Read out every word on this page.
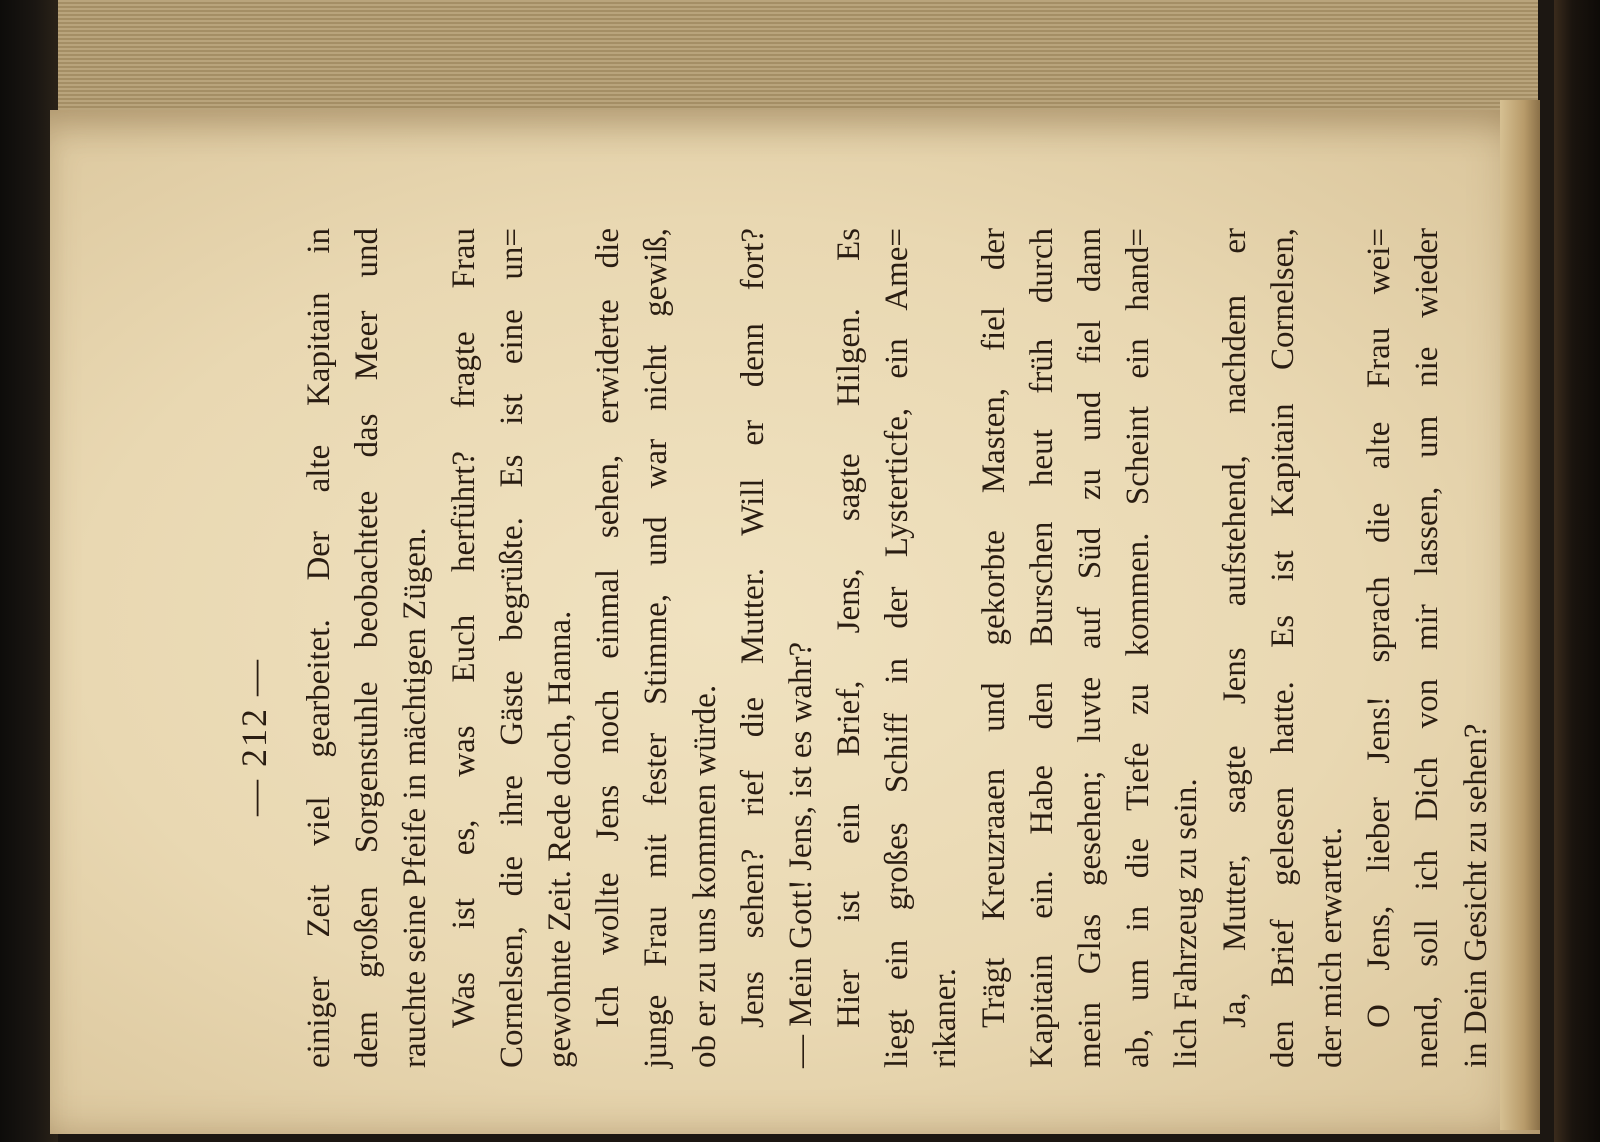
— 212 — einiger Zeit viel gearbeitet. Der alte Kapitain in dem großen Sorgenstuhle beobachtete das Meer und rauchte seine Pfeife in mächtigen Zügen. Was ist es, was Euch herführt? fragte Frau Cornelsen, die ihre Gäste begrüßte. Es ist eine un= gewohnte Zeit. Rede doch, Hanna. Ich wollte Jens noch einmal sehen, erwiderte die junge Frau mit fester Stimme, und war nicht gewiß, ob er zu uns kommen würde. Jens sehen? rief die Mutter. Will er denn fort? — Mein Gott! Jens, ist es wahr? Hier ist ein Brief, Jens, sagte Hilgen. Es liegt ein großes Schiff in der Lysterticfe, ein Ame= rikaner. Trägt Kreuzraaen und gekorbte Masten, fiel der Kapitain ein. Habe den Burschen heut früh durch mein Glas gesehen; luvte auf Süd zu und fiel dann ab, um in die Tiefe zu kommen. Scheint ein hand= lich Fahrzeug zu sein. Ja, Mutter, sagte Jens aufstehend, nachdem er den Brief gelesen hatte. Es ist Kapitain Cornelsen, der mich erwartet. O Jens, lieber Jens! sprach die alte Frau wei= nend, soll ich Dich von mir lassen, um nie wieder in Dein Gesicht zu sehen?
